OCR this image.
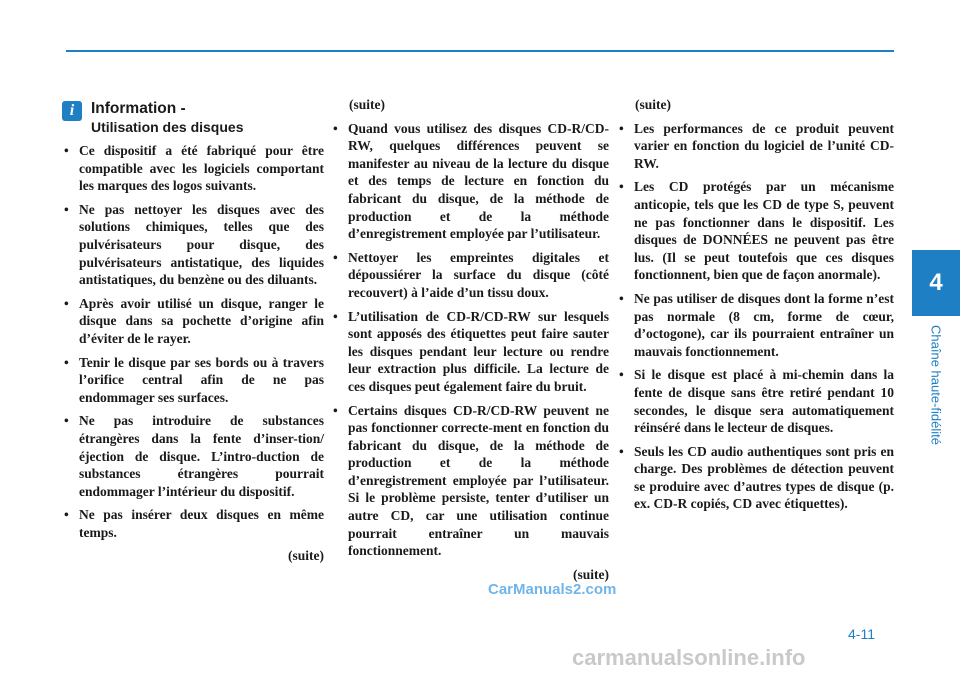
4
Chaîne haute-fidélité
i	Information -
Utilisation des disques
• Ce dispositif a été fabriqué pour être compatible avec les logiciels comportant les marques des logos suivants.
• Ne pas nettoyer les disques avec des solutions chimiques, telles que des pulvérisateurs pour disque, des pulvérisateurs antistatique, des liquides antistatiques, du benzène ou des diluants.
• Après avoir utilisé un disque, ranger le disque dans sa pochette d’origine afin d’éviter de le rayer.
• Tenir le disque par ses bords ou à travers l’orifice central afin de ne pas endommager ses surfaces.
• Ne pas introduire de substances étrangères dans la fente d’inser-tion/éjection de disque. L’intro-duction de substances étrangères pourrait endommager l’intérieur du dispositif.
• Ne pas insérer deux disques en même temps.
(suite)
(suite)
• Quand vous utilisez des disques CD-R/CD-RW, quelques différences peuvent se manifester au niveau de la lecture du disque et des temps de lecture en fonction du fabricant du disque, de la méthode de production et de la méthode d’enregistrement employée par l’utilisateur.
• Nettoyer les empreintes digitales et dépoussiérer la surface du disque (côté recouvert) à l’aide d’un tissu doux.
• L’utilisation de CD-R/CD-RW sur lesquels sont apposés des étiquettes peut faire sauter les disques pendant leur lecture ou rendre leur extraction plus difficile. La lecture de ces disques peut également faire du bruit.
• Certains disques CD-R/CD-RW peuvent ne pas fonctionner correcte-ment en fonction du fabricant du disque, de la méthode de production et de la méthode d’enregistrement employée par l’utilisateur. Si le problème persiste, tenter d’utiliser un autre CD, car une utilisation continue pourrait entraîner un mauvais fonctionnement.
(suite)
(suite)
• Les performances de ce produit peuvent varier en fonction du logiciel de l’unité CD-RW.
• Les CD protégés par un mécanisme anticopie, tels que les CD de type S, peuvent ne pas fonctionner dans le dispositif. Les disques de DONNÉES ne peuvent pas être lus. (Il se peut toutefois que ces disques fonctionnent, bien que de façon anormale).
• Ne pas utiliser de disques dont la forme n’est pas normale (8 cm, forme de cœur, d’octogone), car ils pourraient entraîner un mauvais fonctionnement.
• Si le disque est placé à mi-chemin dans la fente de disque sans être retiré pendant 10 secondes, le disque sera automatiquement réinséré dans le lecteur de disques.
• Seuls les CD audio authentiques sont pris en charge. Des problèmes de détection peuvent se produire avec d’autres types de disque (p. ex. CD-R copiés, CD avec étiquettes).
4-11
CarManuals2.com
carmanualsonline.info
